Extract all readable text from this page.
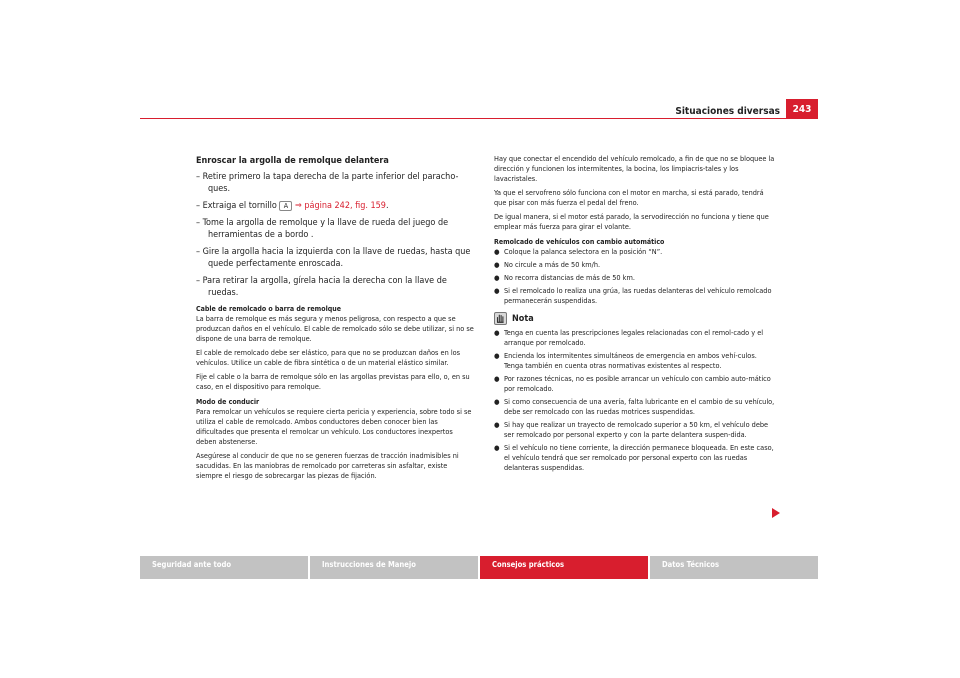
Situaciones diversas	243
Enroscar la argolla de remolque delantera
– Retire primero la tapa derecha de la parte inferior del paracho-ques.
– Extraiga el tornillo A ⇒ página 242, fig. 159.
– Tome la argolla de remolque y la llave de rueda del juego de herramientas de a bordo .
– Gire la argolla hacia la izquierda con la llave de ruedas, hasta que quede perfectamente enroscada.
– Para retirar la argolla, gírela hacia la derecha con la llave de ruedas.
Cable de remolcado o barra de remolque

La barra de remolque es más segura y menos peligrosa, con respecto a que se produzcan daños en el vehículo. El cable de remolcado sólo se debe utilizar, si no se dispone de una barra de remolque.

El cable de remolcado debe ser elástico, para que no se produzcan daños en los vehículos. Utilice un cable de fibra sintética o de un material elástico similar.

Fije el cable o la barra de remolque sólo en las argollas previstas para ello, o, en su caso, en el dispositivo para remolque.

Modo de conducir

Para remolcar un vehículos se requiere cierta pericia y experiencia, sobre todo si se utiliza el cable de remolcado. Ambos conductores deben conocer bien las dificultades que presenta el remolcar un vehículo. Los conductores inexpertos deben abstenerse.

Asegúrese al conducir de que no se generen fuerzas de tracción inadmisibles ni sacudidas. En las maniobras de remolcado por carreteras sin asfaltar, existe siempre el riesgo de sobrecargar las piezas de fijación.

Hay que conectar el encendido del vehículo remolcado, a fin de que no se bloquee la dirección y funcionen los intermitentes, la bocina, los limpiacris-tales y los lavacristales.

Ya que el servofreno sólo funciona con el motor en marcha, si está parado, tendrá que pisar con más fuerza el pedal del freno.

De igual manera, si el motor está parado, la servodirección no funciona y tiene que emplear más fuerza para girar el volante.

Remolcado de vehículos con cambio automático
● Coloque la palanca selectora en la posición “N”.
● No circule a más de 50 km/h.
● No recorra distancias de más de 50 km.
● Si el remolcado lo realiza una grúa, las ruedas delanteras del vehículo remolcado permanecerán suspendidas.
Nota
● Tenga en cuenta las prescripciones legales relacionadas con el remol-cado y el arranque por remolcado.
● Encienda los intermitentes simultáneos de emergencia en ambos vehí-culos. Tenga también en cuenta otras normativas existentes al respecto.
● Por razones técnicas, no es posible arrancar un vehículo con cambio auto-mático por remolcado.
● Si como consecuencia de una avería, falta lubricante en el cambio de su vehículo, debe ser remolcado con las ruedas motrices suspendidas.
● Si hay que realizar un trayecto de remolcado superior a 50 km, el vehículo debe ser remolcado por personal experto y con la parte delantera suspen-dida.
● Si el vehículo no tiene corriente, la dirección permanece bloqueada. En este caso, el vehículo tendrá que ser remolcado por personal experto con las ruedas delanteras suspendidas.
Seguridad ante todo	Instrucciones de Manejo	Consejos prácticos	Datos Técnicos
